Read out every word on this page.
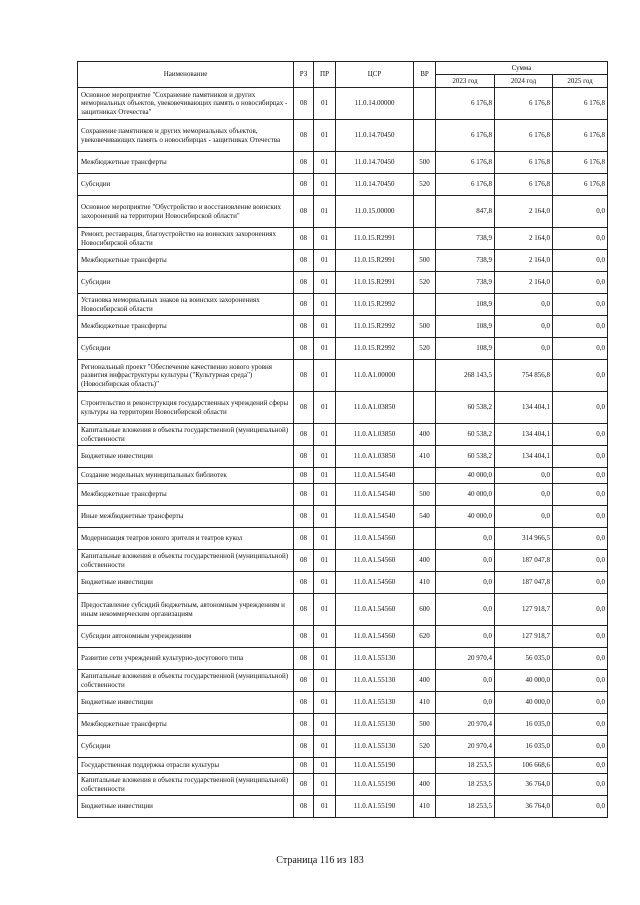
Наименование	РЗ	ПР	ЦСР	ВР	Сумма		
					2023 год	2024 год	2025 год
Основное мероприятие "Сохранение памятников и других мемориальных объектов, увековечивающих память о новосибирцах - защитниках Отечества"	08	01	11.0.14.00000		6 176,8	6 176,8	6 176,8
Сохранение памятников и других мемориальных объектов, увековечивающих память о новосибирцах - защитниках Отечества	08	01	11.0.14.70450		6 176,8	6 176,8	6 176,8
Межбюджетные трансферты	08	01	11.0.14.70450	500	6 176,8	6 176,8	6 176,8
Субсидии	08	01	11.0.14.70450	520	6 176,8	6 176,8	6 176,8
Основное мероприятие "Обустройство и восстановление воинских захоронений на территории Новосибирской области"	08	01	11.0.15.00000		847,8	2 164,0	0,0
Ремонт, реставрация, благоустройство на воинских захоронениях Новосибирской области	08	01	11.0.15.R2991		738,9	2 164,0	0,0
Межбюджетные трансферты	08	01	11.0.15.R2991	500	738,9	2 164,0	0,0
Субсидии	08	01	11.0.15.R2991	520	738,9	2 164,0	0,0
Установка мемориальных знаков на воинских захоронениях Новосибирской области	08	01	11.0.15.R2992		108,9	0,0	0,0
Межбюджетные трансферты	08	01	11.0.15.R2992	500	108,9	0,0	0,0
Субсидии	08	01	11.0.15.R2992	520	108,9	0,0	0,0
Региональный проект "Обеспечение качественно нового уровня развития инфраструктуры культуры ("Культурная среда") (Новосибирская область)"	08	01	11.0.A1.00000		268 143,5	754 856,8	0,0
Строительство и реконструкция государственных учреждений сферы культуры на территории Новосибирской области	08	01	11.0.A1.03850		60 538,2	134 404,1	0,0
Капитальные вложения в объекты государственной (муниципальной) собственности	08	01	11.0.A1.03850	400	60 538,2	134 404,1	0,0
Бюджетные инвестиции	08	01	11.0.A1.03850	410	60 538,2	134 404,1	0,0
Создание модельных муниципальных библиотек	08	01	11.0.A1.54540		40 000,0	0,0	0,0
Межбюджетные трансферты	08	01	11.0.A1.54540	500	40 000,0	0,0	0,0
Иные межбюджетные трансферты	08	01	11.0.A1.54540	540	40 000,0	0,0	0,0
Модернизация театров юного зрителя и театров кукол	08	01	11.0.A1.54560		0,0	314 966,5	0,0
Капитальные вложения в объекты государственной (муниципальной) собственности	08	01	11.0.A1.54560	400	0,0	187 047,8	0,0
Бюджетные инвестиции	08	01	11.0.A1.54560	410	0,0	187 047,8	0,0
Предоставление субсидий бюджетным, автономным учреждениям и иным некоммерческим организациям	08	01	11.0.A1.54560	600	0,0	127 918,7	0,0
Субсидии автономным учреждениям	08	01	11.0.A1.54560	620	0,0	127 918,7	0,0
Развитие сети учреждений культурно-досугового типа	08	01	11.0.A1.55130		20 970,4	56 035,0	0,0
Капитальные вложения в объекты государственной (муниципальной) собственности	08	01	11.0.A1.55130	400	0,0	40 000,0	0,0
Бюджетные инвестиции	08	01	11.0.A1.55130	410	0,0	40 000,0	0,0
Межбюджетные трансферты	08	01	11.0.A1.55130	500	20 970,4	16 035,0	0,0
Субсидии	08	01	11.0.A1.55130	520	20 970,4	16 035,0	0,0
Государственная поддержка отрасли культуры	08	01	11.0.A1.55190		18 253,5	106 668,6	0,0
Капитальные вложения в объекты государственной (муниципальной) собственности	08	01	11.0.A1.55190	400	18 253,5	36 764,0	0,0
Бюджетные инвестиции	08	01	11.0.A1.55190	410	18 253,5	36 764,0	0,0
Страница 116 из 183
